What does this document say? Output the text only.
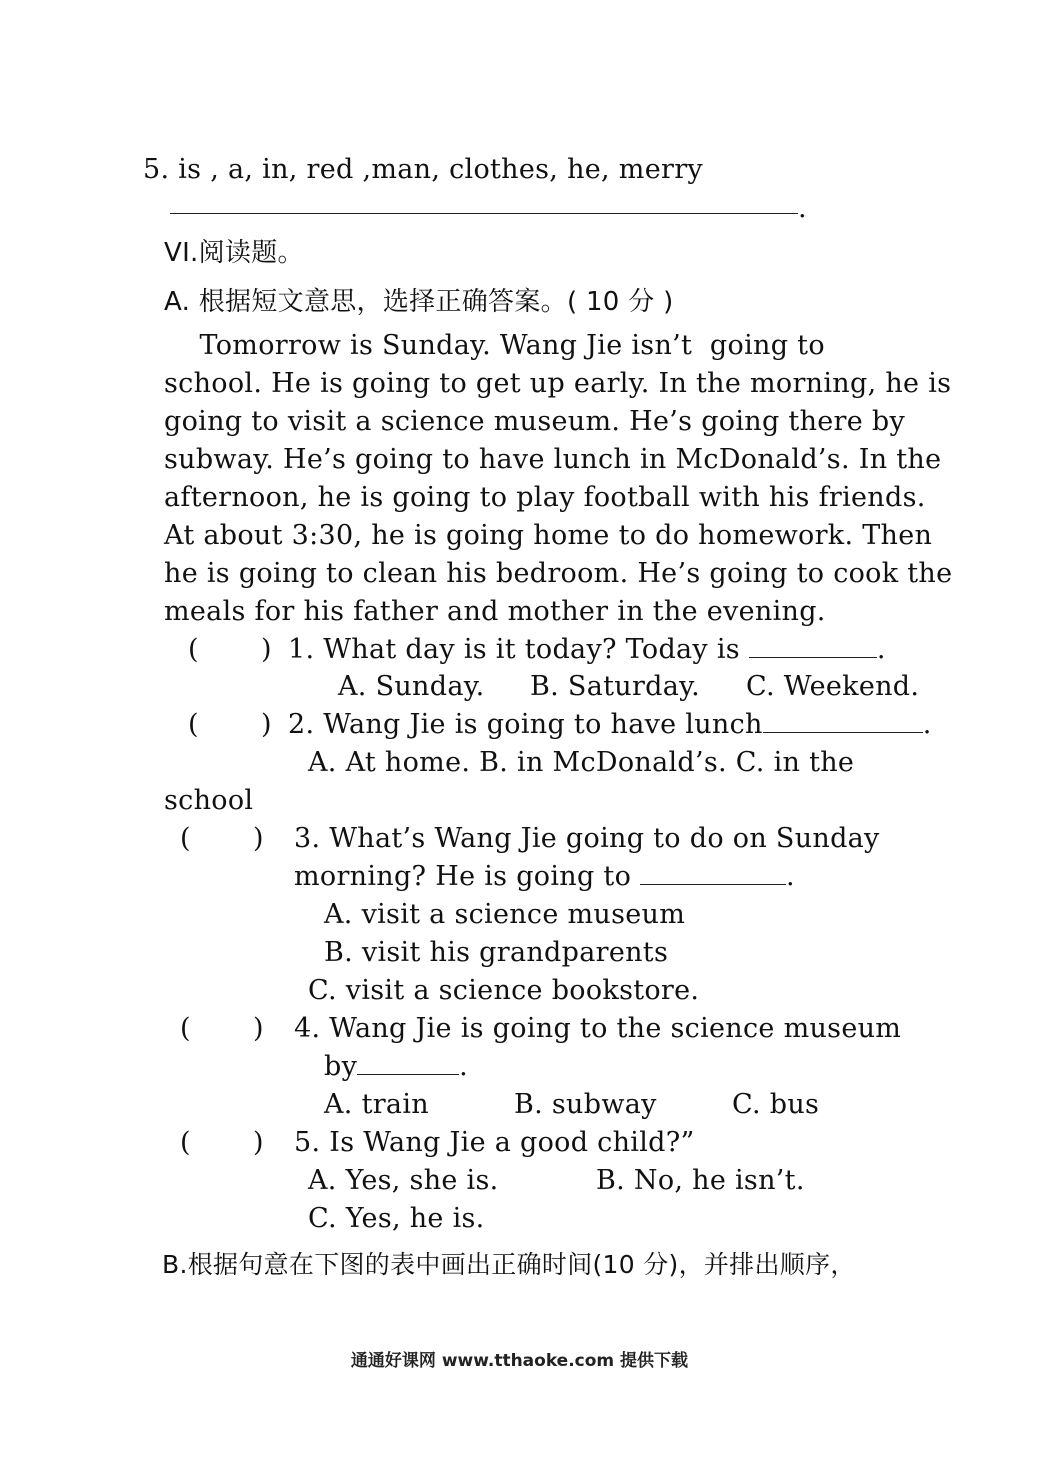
5. is , a, in, red ,man, clothes, he, merry
.
VI.阅读题。
A. 根据短文意思，选择正确答案。( 10 分 )
Tomorrow is Sunday. Wang Jie isn’t  going to
school. He is going to get up early. In the morning, he is
going to visit a science museum. He’s going there by
subway. He’s going to have lunch in McDonald’s. In the
afternoon, he is going to play football with his friends.
At about 3:30, he is going home to do homework. Then
he is going to clean his bedroom. He’s going to cook the
meals for his father and mother in the evening.
(       ) 1. What day is it today? Today is	.
A. Sunday. B. Saturday. C. Weekend.
(       ) 2. Wang Jie is going to have lunch	.
A. At home. B. in McDonald’s. C. in the
school
(       ) 3. What’s Wang Jie going to do on Sunday
morning? He is going to	.
A. visit a science museum
B. visit his grandparents
C. visit a science bookstore.
(       ) 4. Wang Jie is going to the science museum
by	.
A. train	B. subway	C. bus
(       ) 5. Is Wang Jie a good child?”
A. Yes, she is.	B. No, he isn’t.
C. Yes, he is.
B.根据句意在下图的表中画出正确时间(10 分)，并排出顺序，
通通好课网 www.tthaoke.com 提供下载
